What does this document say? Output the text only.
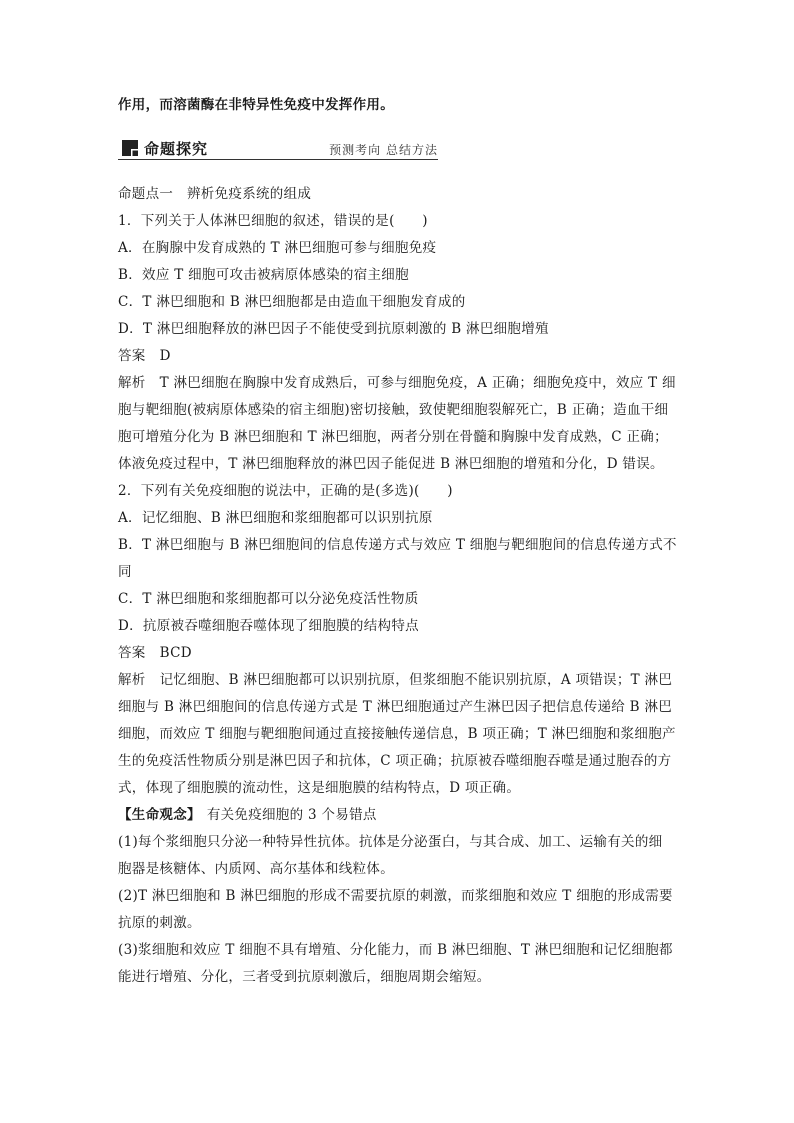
作用，而溶菌酶在非特异性免疫中发挥作用。
命题探究	预测考向 总结方法
命题点一　辨析免疫系统的组成
1．下列关于人体淋巴细胞的叙述，错误的是(　　)
A．在胸腺中发育成熟的 T 淋巴细胞可参与细胞免疫
B．效应 T 细胞可攻击被病原体感染的宿主细胞
C．T 淋巴细胞和 B 淋巴细胞都是由造血干细胞发育成的
D．T 淋巴细胞释放的淋巴因子不能使受到抗原刺激的 B 淋巴细胞增殖
答案 D
解析 T 淋巴细胞在胸腺中发育成熟后，可参与细胞免疫，A 正确；细胞免疫中，效应 T 细
胞与靶细胞(被病原体感染的宿主细胞)密切接触，致使靶细胞裂解死亡，B 正确；造血干细
胞可增殖分化为 B 淋巴细胞和 T 淋巴细胞，两者分别在骨髓和胸腺中发育成熟，C 正确；
体液免疫过程中，T 淋巴细胞释放的淋巴因子能促进 B 淋巴细胞的增殖和分化，D 错误。
2．下列有关免疫细胞的说法中，正确的是(多选)(　　)
A．记忆细胞、B 淋巴细胞和浆细胞都可以识别抗原
B．T 淋巴细胞与 B 淋巴细胞间的信息传递方式与效应 T 细胞与靶细胞间的信息传递方式不
同
C．T 淋巴细胞和浆细胞都可以分泌免疫活性物质
D．抗原被吞噬细胞吞噬体现了细胞膜的结构特点
答案 BCD
解析 记忆细胞、B 淋巴细胞都可以识别抗原，但浆细胞不能识别抗原，A 项错误；T 淋巴
细胞与 B 淋巴细胞间的信息传递方式是 T 淋巴细胞通过产生淋巴因子把信息传递给 B 淋巴
细胞，而效应 T 细胞与靶细胞间通过直接接触传递信息，B 项正确；T 淋巴细胞和浆细胞产
生的免疫活性物质分别是淋巴因子和抗体，C 项正确；抗原被吞噬细胞吞噬是通过胞吞的方
式，体现了细胞膜的流动性，这是细胞膜的结构特点，D 项正确。
【生命观念】 有关免疫细胞的 3 个易错点
(1)每个浆细胞只分泌一种特异性抗体。抗体是分泌蛋白，与其合成、加工、运输有关的细
胞器是核糖体、内质网、高尔基体和线粒体。
(2)T 淋巴细胞和 B 淋巴细胞的形成不需要抗原的刺激，而浆细胞和效应 T 细胞的形成需要
抗原的刺激。
(3)浆细胞和效应 T 细胞不具有增殖、分化能力，而 B 淋巴细胞、T 淋巴细胞和记忆细胞都
能进行增殖、分化，三者受到抗原刺激后，细胞周期会缩短。
